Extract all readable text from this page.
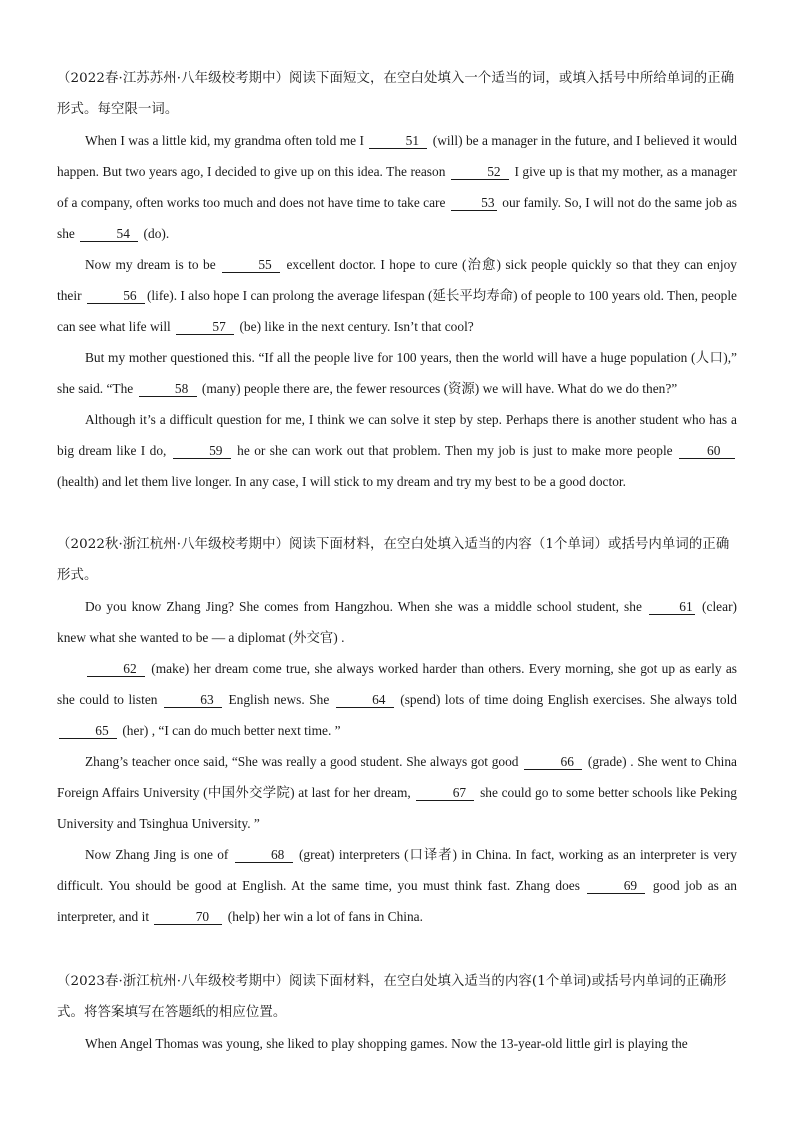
（2022春·江苏苏州·八年级校考期中）阅读下面短文，在空白处填入一个适当的词，或填入括号中所给单词的正确形式。每空限一词。
When I was a little kid, my grandma often told me I	51 (will) be a manager in the future, and I believed it would happen. But two years ago, I decided to give up on this idea. The reason	52 I give up is that my mother, as a manager of a company, often works too much and does not have time to take care 53 our family. So, I will not do the same job as she	54 (do).
Now my dream is to be	55 excellent doctor. I hope to cure (治愈) sick people quickly so that they can enjoy their	56 (life). I also hope I can prolong the average lifespan (延长平均寿命) of people to 100 years old. Then, people can see what life will	57 (be) like in the next century. Isn’t that cool?
But my mother questioned this. “If all the people live for 100 years, then the world will have a huge population (人口),” she said. “The	58 (many) people there are, the fewer resources (资源) we will have. What do we do then?”
Although it’s a difficult question for me, I think we can solve it step by step. Perhaps there is another student who has a big dream like I do,	59 he or she can work out that problem. Then my job is just to make more people 60 (health) and let them live longer. In any case, I will stick to my dream and try my best to be a good doctor.
（2022秋·浙江杭州·八年级校考期中）阅读下面材料，在空白处填入适当的内容（1个单词）或括号内单词的正确形式。
Do you know Zhang Jing? She comes from Hangzhou. When she was a middle school student, she 61 (clear) knew what she wanted to be — a diplomat (外交官) .
62 (make) her dream come true, she always worked harder than others. Every morning, she got up as early as she could to listen	63 English news. She	64 (spend) lots of time doing English exercises. She always told 65 (her) , “I can do much better next time. ”
Zhang’s teacher once said, “She was really a good student. She always got good	66 (grade) . She went to China Foreign Affairs University (中国外交学院) at last for her dream,	67 she could go to some better schools like Peking University and Tsinghua University. ”
Now Zhang Jing is one of	68 (great) interpreters (口译者) in China. In fact, working as an interpreter is very difficult. You should be good at English. At the same time, you must think fast. Zhang does	69 good job as an interpreter, and it	70 (help) her win a lot of fans in China.
（2023春·浙江杭州·八年级校考期中）阅读下面材料，在空白处填入适当的内容(1个单词)或括号内单词的正确形式。将答案填写在答题纸的相应位置。
When Angel Thomas was young, she liked to play shopping games. Now the 13-year-old little girl is playing the
